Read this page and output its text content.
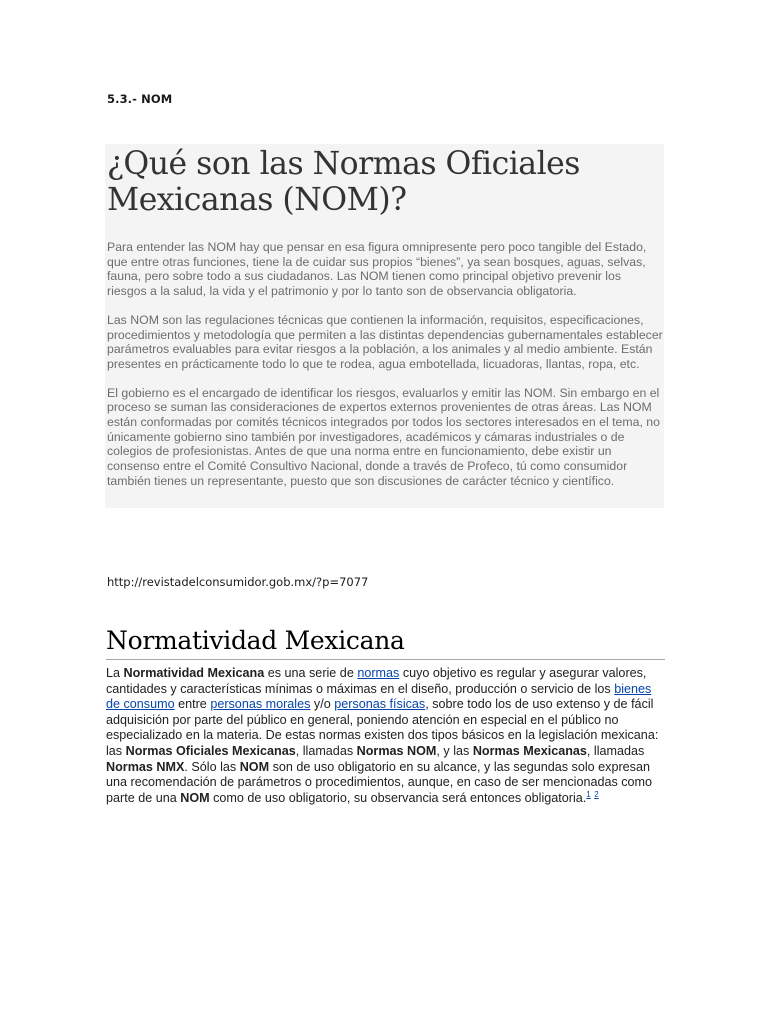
5.3.- NOM
¿Qué son las Normas Oficiales
Mexicanas (NOM)?

Para entender las NOM hay que pensar en esa figura omnipresente pero poco tangible del Estado, que entre otras funciones, tiene la de cuidar sus propios “bienes”, ya sean bosques, aguas, selvas, fauna, pero sobre todo a sus ciudadanos. Las NOM tienen como principal objetivo prevenir los riesgos a la salud, la vida y el patrimonio y por lo tanto son de observancia obligatoria.

Las NOM son las regulaciones técnicas que contienen la información, requisitos, especificaciones, procedimientos y metodología que permiten a las distintas dependencias gubernamentales establecer parámetros evaluables para evitar riesgos a la población, a los animales y al medio ambiente. Están presentes en prácticamente todo lo que te rodea, agua embotellada, licuadoras, llantas, ropa, etc.

El gobierno es el encargado de identificar los riesgos, evaluarlos y emitir las NOM. Sin embargo en el proceso se suman las consideraciones de expertos externos provenientes de otras áreas. Las NOM están conformadas por comités técnicos integrados por todos los sectores interesados en el tema, no únicamente gobierno sino también por investigadores, académicos y cámaras industriales o de colegios de profesionistas. Antes de que una norma entre en funcionamiento, debe existir un consenso entre el Comité Consultivo Nacional, donde a través de Profeco, tú como consumidor también tienes un representante, puesto que son discusiones de carácter técnico y científico.

http://revistadelconsumidor.gob.mx/?p=7077
Normatividad Mexicana

La Normatividad Mexicana es una serie de normas cuyo objetivo es regular y asegurar valores, cantidades y características mínimas o máximas en el diseño, producción o servicio de los bienes de consumo entre personas morales y/o personas físicas, sobre todo los de uso extenso y de fácil adquisición por parte del público en general, poniendo atención en especial en el público no especializado en la materia. De estas normas existen dos tipos básicos en la legislación mexicana: las Normas Oficiales Mexicanas, llamadas Normas NOM, y las Normas Mexicanas, llamadas Normas NMX. Sólo las NOM son de uso obligatorio en su alcance, y las segundas solo expresan una recomendación de parámetros o procedimientos, aunque, en caso de ser mencionadas como parte de una NOM como de uso obligatorio, su observancia será entonces obligatoria.$^1$ $^2$
